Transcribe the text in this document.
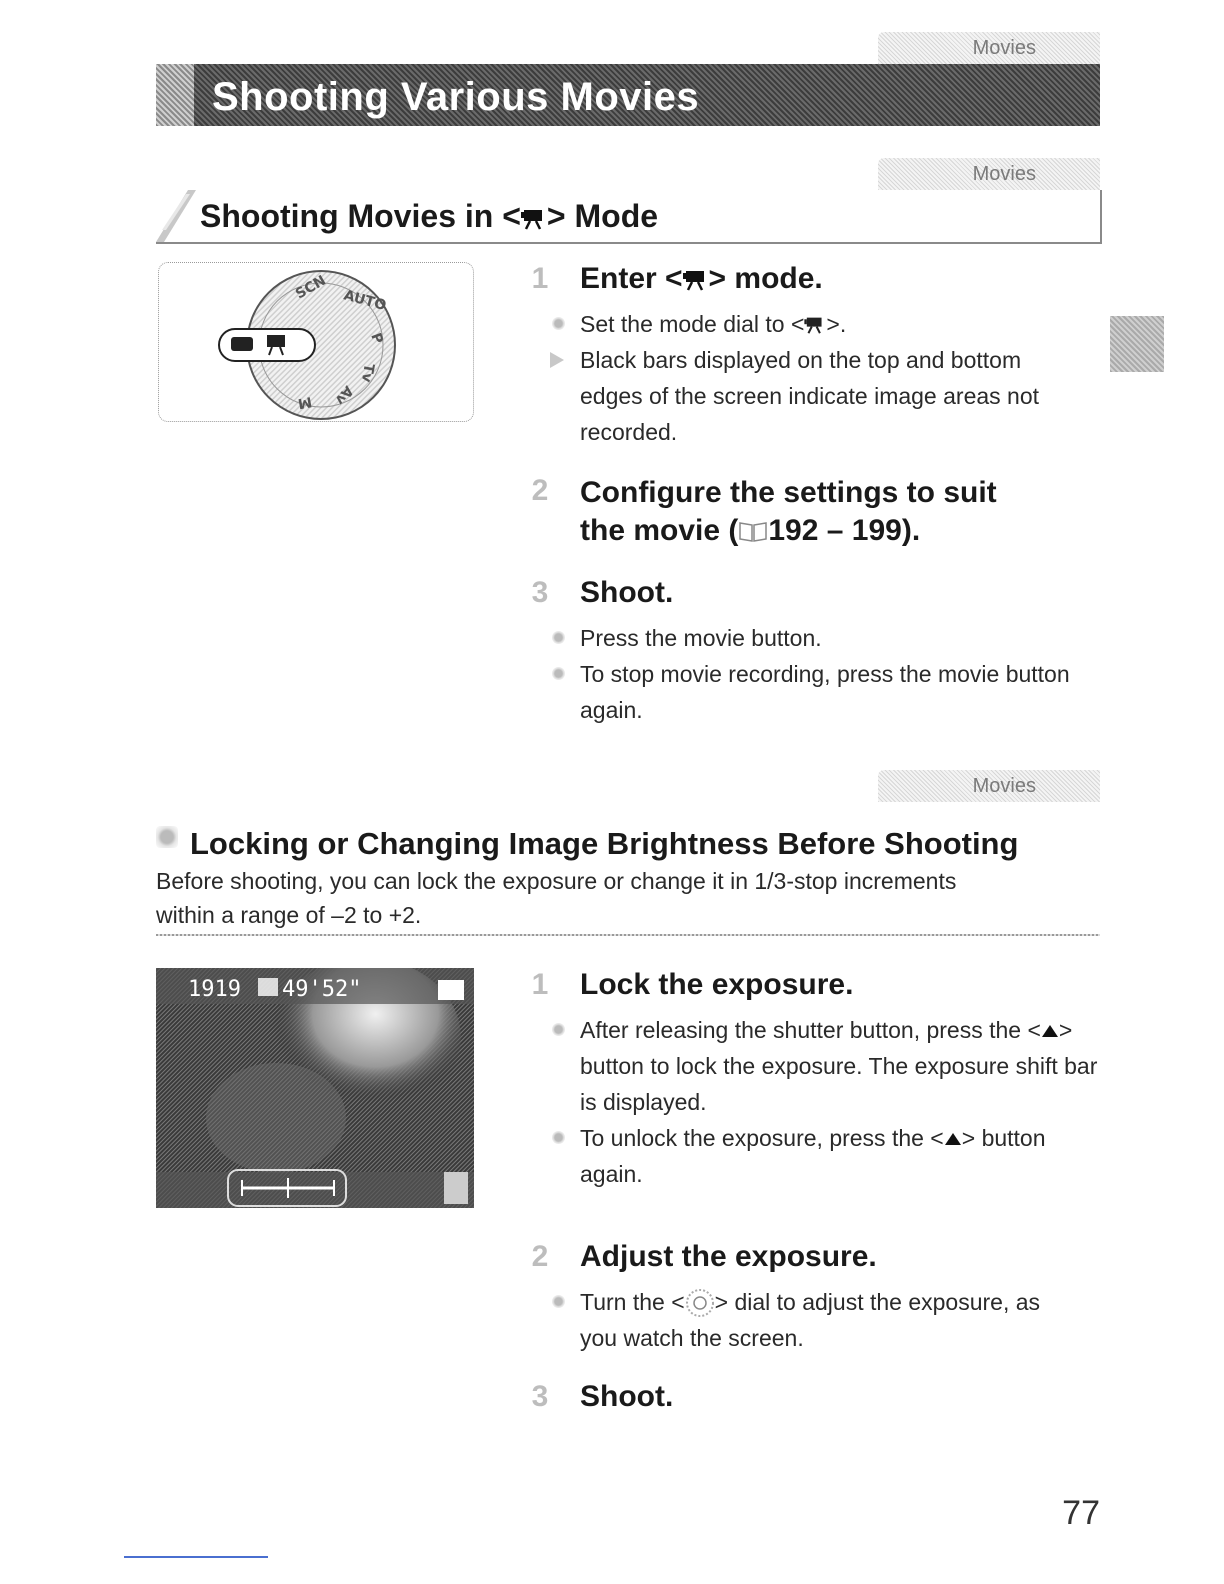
Movies
Shooting Various Movies
Movies
Shooting Movies in < > Mode
SCN AUTO
P
Tv
Av
M
1	Enter < > mode.
Set the mode dial to < >.
Black bars displayed on the top and bottom edges of the screen indicate image areas not recorded.
2	Configure the settings to suit
the movie ( 192 – 199).
3	Shoot.
Press the movie button.
To stop movie recording, press the movie button again.
Movies
Locking or Changing Image Brightness Before Shooting
Before shooting, you can lock the exposure or change it in 1/3-stop increments within a range of –2 to +2.
1919 49'52"	1	Lock the exposure.
After releasing the shutter button, press the < > button to lock the exposure. The exposure shift bar is displayed.
To unlock the exposure, press the < > button again.
2	Adjust the exposure.
Turn the < > dial to adjust the exposure, as you watch the screen.
3	Shoot.
77
